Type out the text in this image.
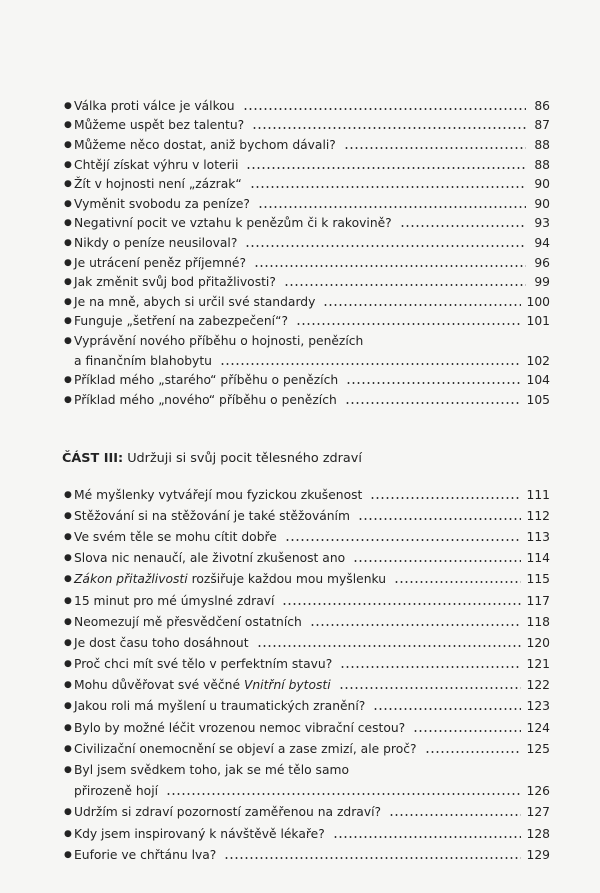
● Válka proti válce je válkou	86
● Můžeme uspět bez talentu?	87
● Můžeme něco dostat, aniž bychom dávali?	88
● Chtějí získat výhru v loterii	88
● Žít v hojnosti není „zázrak“	90
● Vyměnit svobodu za peníze?	90
● Negativní pocit ve vztahu k penězům či k rakovině?	93
● Nikdy o peníze neusiloval?	94
● Je utrácení peněz příjemné?	96
● Jak změnit svůj bod přitažlivosti?	99
● Je na mně, abych si určil své standardy	100
● Funguje „šetření na zabezpečení“?	101
● Vyprávění nového příběhu o hojnosti, penězích
a finančním blahobytu	102
● Příklad mého „starého“ příběhu o penězích	104
● Příklad mého „nového“ příběhu o penězích	105
ČÁST III: Udržuji si svůj pocit tělesného zdraví
● Mé myšlenky vytvářejí mou fyzickou zkušenost	111
● Stěžování si na stěžování je také stěžováním	112
● Ve svém těle se mohu cítit dobře	113
● Slova nic nenaučí, ale životní zkušenost ano	114
● Zákon přitažlivosti rozšiřuje každou mou myšlenku	115
● 15 minut pro mé úmyslné zdraví	117
● Neomezují mě přesvědčení ostatních	118
● Je dost času toho dosáhnout	120
● Proč chci mít své tělo v perfektním stavu?	121
● Mohu důvěřovat své věčné Vnitřní bytosti	122
● Jakou roli má myšlení u traumatických zranění?	123
● Bylo by možné léčit vrozenou nemoc vibrační cestou?	124
● Civilizační onemocnění se objeví a zase zmizí, ale proč?	125
● Byl jsem svědkem toho, jak se mé tělo samo
přirozeně hojí	126
● Udržím si zdraví pozorností zaměřenou na zdraví?	127
● Kdy jsem inspirovaný k návštěvě lékaře?	128
● Euforie ve chřtánu lva?	129
